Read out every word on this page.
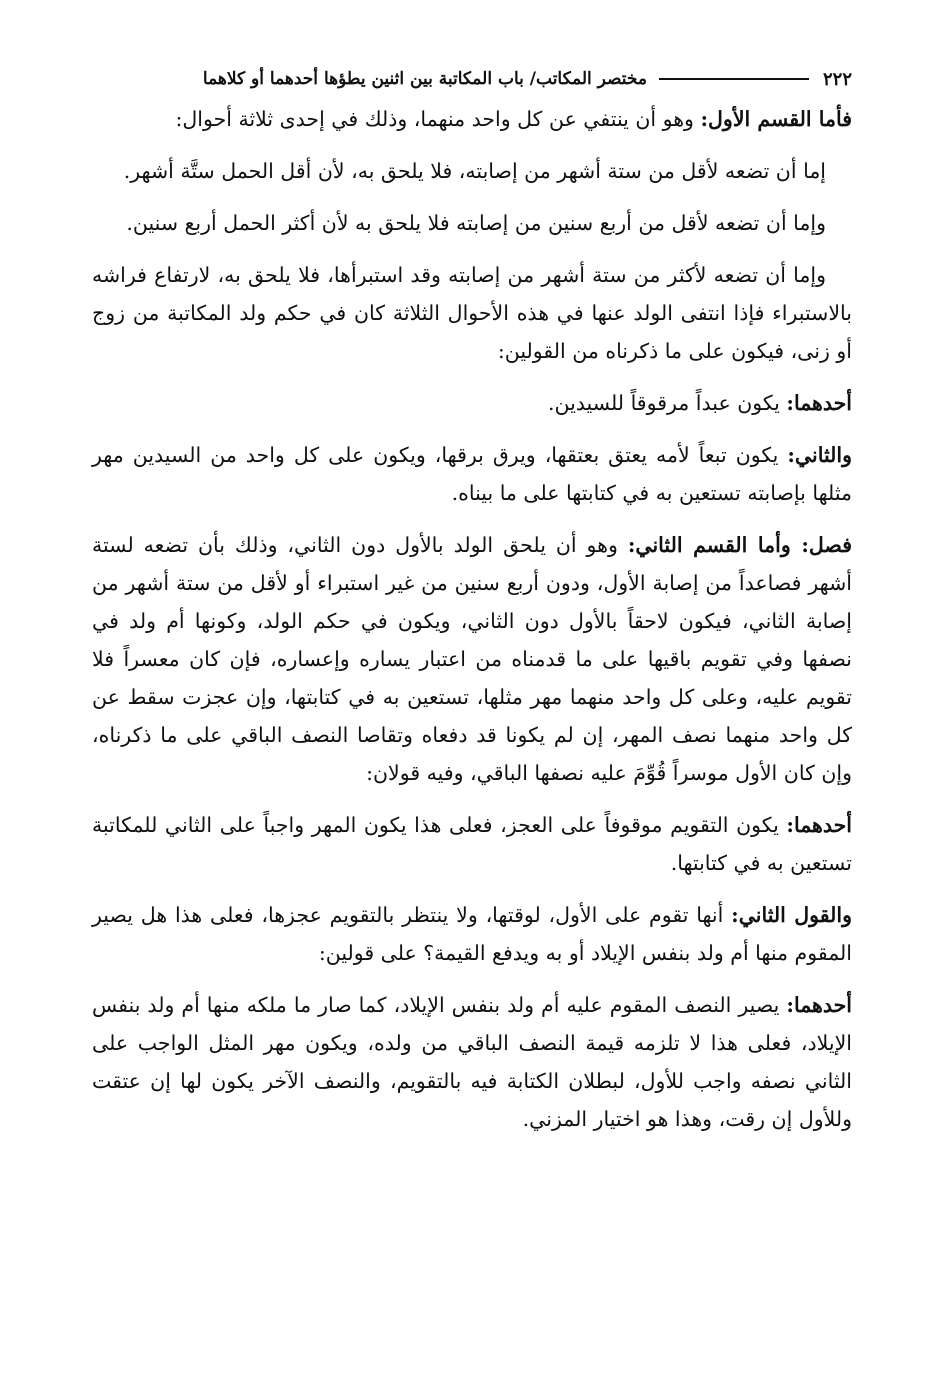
٢٢٢
مختصر المكاتب/ باب المكاتبة بين اثنين يطؤها أحدهما أو كلاهما

فأما القسم الأول: وهو أن ينتفي عن كل واحد منهما، وذلك في إحدى ثلاثة أحوال:

إما أن تضعه لأقل من ستة أشهر من إصابته، فلا يلحق به، لأن أقل الحمل ستَّة أشهر.

وإما أن تضعه لأقل من أربع سنين من إصابته فلا يلحق به لأن أكثر الحمل أربع سنين.

وإما أن تضعه لأكثر من ستة أشهر من إصابته وقد استبرأها، فلا يلحق به، لارتفاع فراشه بالاستبراء فإذا انتفى الولد عنها في هذه الأحوال الثلاثة كان في حكم ولد المكاتبة من زوج أو زنى، فيكون على ما ذكرناه من القولين:

أحدهما: يكون عبداً مرقوقاً للسيدين.

والثاني: يكون تبعاً لأمه يعتق بعتقها، ويرق برقها، ويكون على كل واحد من السيدين مهر مثلها بإصابته تستعين به في كتابتها على ما بيناه.

فصل: وأما القسم الثاني: وهو أن يلحق الولد بالأول دون الثاني، وذلك بأن تضعه لستة أشهر فصاعداً من إصابة الأول، ودون أربع سنين من غير استبراء أو لأقل من ستة أشهر من إصابة الثاني، فيكون لاحقاً بالأول دون الثاني، ويكون في حكم الولد، وكونها أم ولد في نصفها وفي تقويم باقيها على ما قدمناه من اعتبار يساره وإعساره، فإن كان معسراً فلا تقويم عليه، وعلى كل واحد منهما مهر مثلها، تستعين به في كتابتها، وإن عجزت سقط عن كل واحد منهما نصف المهر، إن لم يكونا قد دفعاه وتقاصا النصف الباقي على ما ذكرناه، وإن كان الأول موسراً قُوِّمَ عليه نصفها الباقي، وفيه قولان:

أحدهما: يكون التقويم موقوفاً على العجز، فعلى هذا يكون المهر واجباً على الثاني للمكاتبة تستعين به في كتابتها.

والقول الثاني: أنها تقوم على الأول، لوقتها، ولا ينتظر بالتقويم عجزها، فعلى هذا هل يصير المقوم منها أم ولد بنفس الإيلاد أو به ويدفع القيمة؟ على قولين:

أحدهما: يصير النصف المقوم عليه أم ولد بنفس الإيلاد، كما صار ما ملكه منها أم ولد بنفس الإيلاد، فعلى هذا لا تلزمه قيمة النصف الباقي من ولده، ويكون مهر المثل الواجب على الثاني نصفه واجب للأول، لبطلان الكتابة فيه بالتقويم، والنصف الآخر يكون لها إن عتقت وللأول إن رقت، وهذا هو اختيار المزني.
